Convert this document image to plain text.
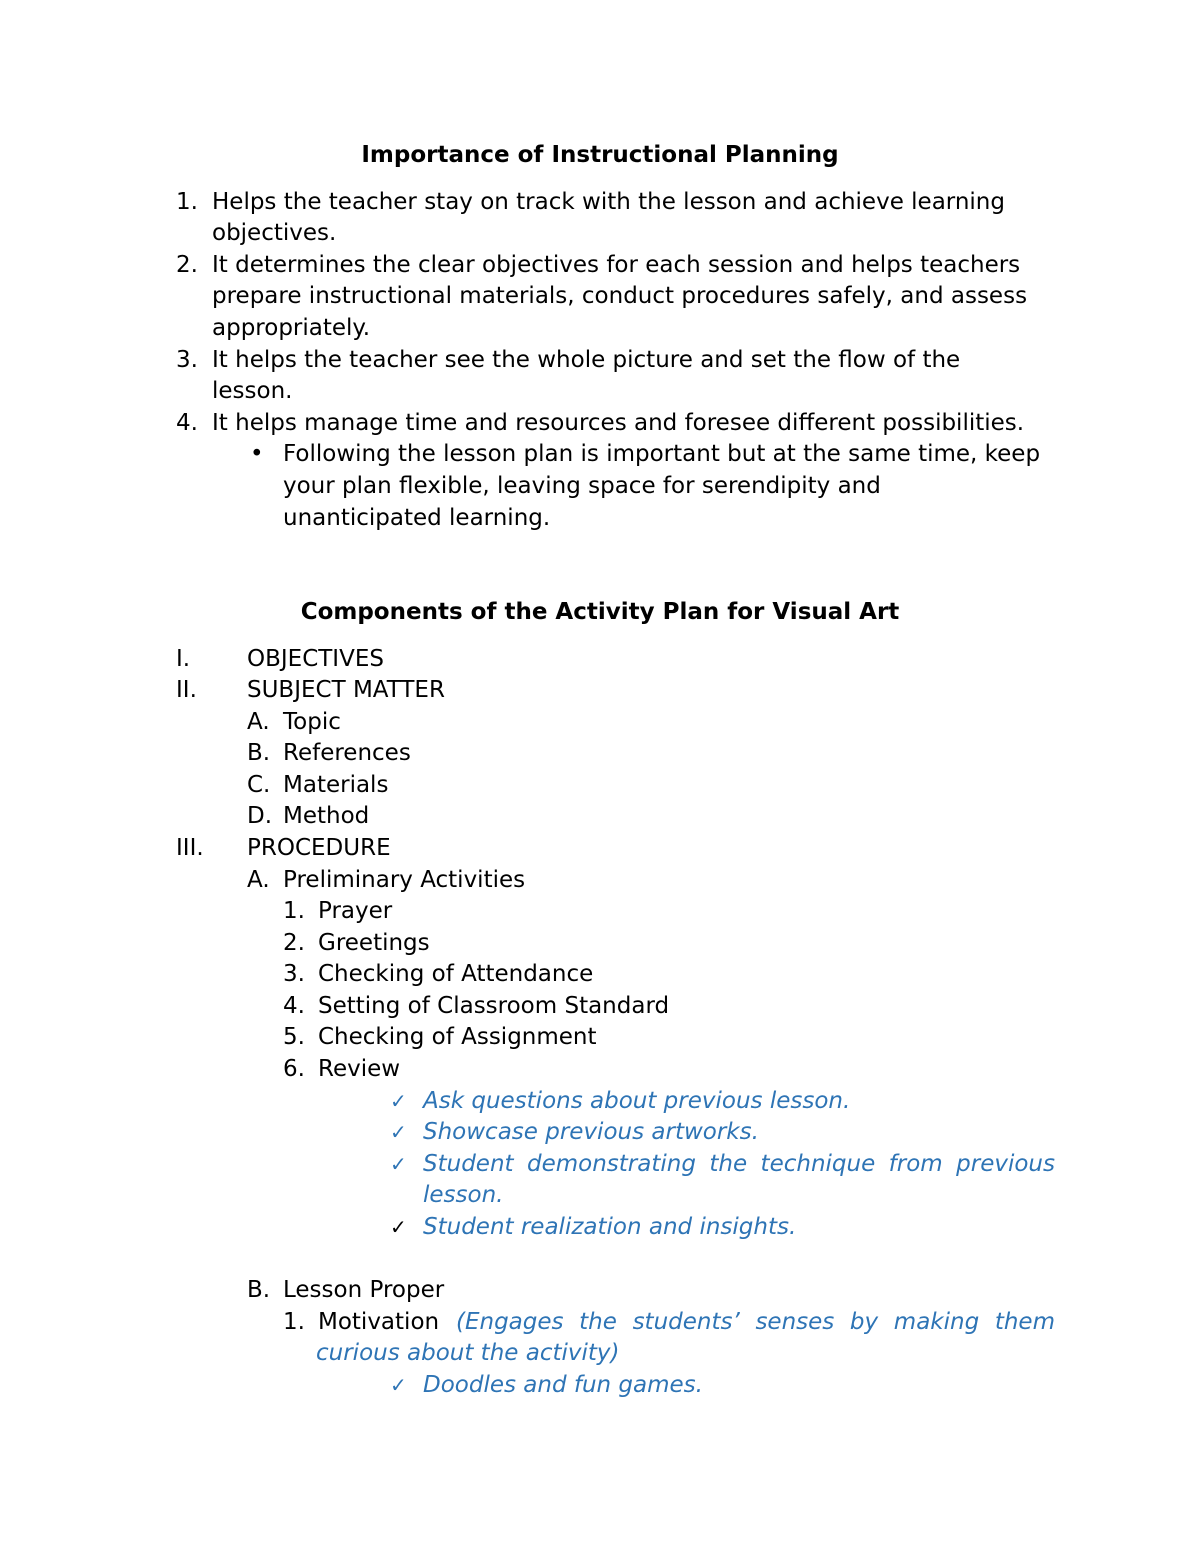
Importance of Instructional Planning
1. Helps the teacher stay on track with the lesson and achieve learning
objectives.
2. It determines the clear objectives for each session and helps teachers
prepare instructional materials, conduct procedures safely, and assess
appropriately.
3. It helps the teacher see the whole picture and set the flow of the
lesson.
4. It helps manage time and resources and foresee different possibilities.
• Following the lesson plan is important but at the same time, keep
your plan flexible, leaving space for serendipity and
unanticipated learning.
Components of the Activity Plan for Visual Art
I. OBJECTIVES
II. SUBJECT MATTER
A. Topic
B. References
C. Materials
D. Method
III. PROCEDURE
A. Preliminary Activities
1. Prayer
2. Greetings
3. Checking of Attendance
4. Setting of Classroom Standard
5. Checking of Assignment
6. Review
✓ Ask questions about previous lesson.
✓ Showcase previous artworks.
✓ Student demonstrating the technique from previous
lesson.
✓ Student realization and insights.
B. Lesson Proper
1. Motivation (Engages the students’ senses by making them
curious about the activity)
✓ Doodles and fun games.
